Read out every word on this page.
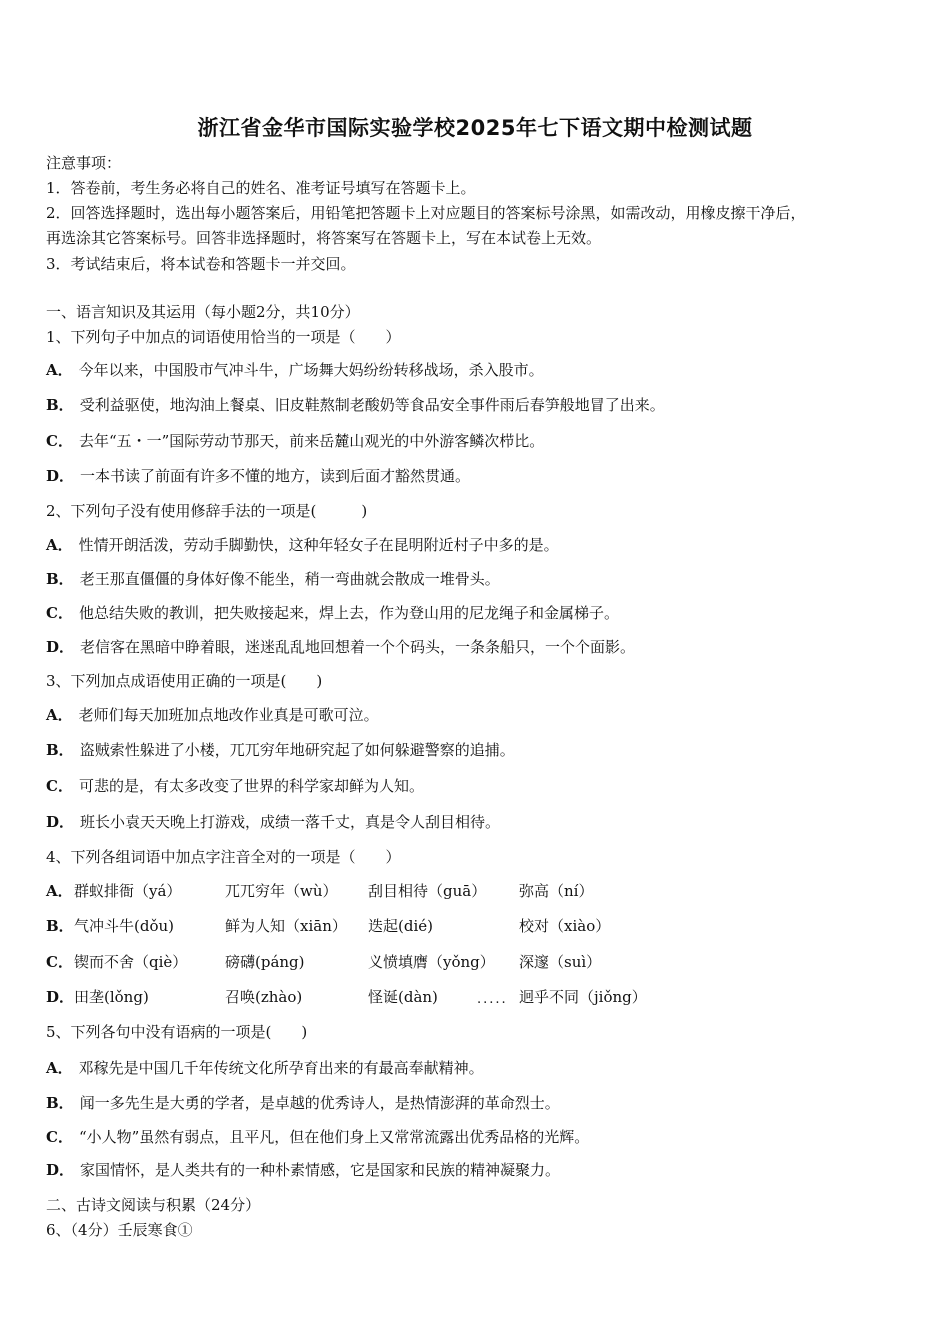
浙江省金华市国际实验学校2025年七下语文期中检测试题
注意事项：
1．答卷前，考生务必将自己的姓名、准考证号填写在答题卡上。
2．回答选择题时，选出每小题答案后，用铅笔把答题卡上对应题目的答案标号涂黑，如需改动，用橡皮擦干净后，
再选涂其它答案标号。回答非选择题时，将答案写在答题卡上，写在本试卷上无效。
3．考试结束后，将本试卷和答题卡一并交回。
一、语言知识及其运用（每小题2分，共10分）
1、下列句子中加点的词语使用恰当的一项是（　　）
A． 今年以来，中国股市气冲斗牛，广场舞大妈纷纷转移战场，杀入股市。
B． 受利益驱使，地沟油上餐桌、旧皮鞋熬制老酸奶等食品安全事件雨后春笋般地冒了出来。
C． 去年“五・一”国际劳动节那天，前来岳麓山观光的中外游客鳞次栉比。
D． 一本书读了前面有许多不懂的地方，读到后面才豁然贯通。
2、下列句子没有使用修辞手法的一项是(　　　)
A． 性情开朗活泼，劳动手脚勤快，这种年轻女子在昆明附近村子中多的是。
B． 老王那直僵僵的身体好像不能坐，稍一弯曲就会散成一堆骨头。
C． 他总结失败的教训，把失败接起来，焊上去，作为登山用的尼龙绳子和金属梯子。
D． 老信客在黑暗中睁着眼，迷迷乱乱地回想着一个个码头，一条条船只，一个个面影。
3、下列加点成语使用正确的一项是(　　)
A． 老师们每天加班加点地改作业真是可歌可泣。
B． 盗贼索性躲进了小楼，兀兀穷年地研究起了如何躲避警察的追捕。
C． 可悲的是，有太多改变了世界的科学家却鲜为人知。
D． 班长小袁天天晚上打游戏，成绩一落千丈，真是令人刮目相待。
4、下列各组词语中加点字注音全对的一项是（　　）
A． 群蚁排衙（yá）	兀兀穷年（wù） 刮目相待（guā） 弥高（ní）
B． 气冲斗牛(dǒu)	鲜为人知（xiān） 迭起(dié)	校对（xiào）
C． 锲而不舍（qiè）	磅礴(páng)	义愤填膺（yǒng） 深邃（suì）
D． 田垄(lǒng)	召唤(zhào)	怪诞(dàn)	..... 迥乎不同（jiǒng）
5、下列各句中没有语病的一项是(　　)
A． 邓稼先是中国几千年传统文化所孕育出来的有最高奉献精神。
B． 闻一多先生是大勇的学者，是卓越的优秀诗人，是热情澎湃的革命烈士。
C． “小人物”虽然有弱点，且平凡，但在他们身上又常常流露出优秀品格的光辉。
D． 家国情怀，是人类共有的一种朴素情感，它是国家和民族的精神凝聚力。
二、古诗文阅读与积累（24分）
6、（4分）壬辰寒食①
